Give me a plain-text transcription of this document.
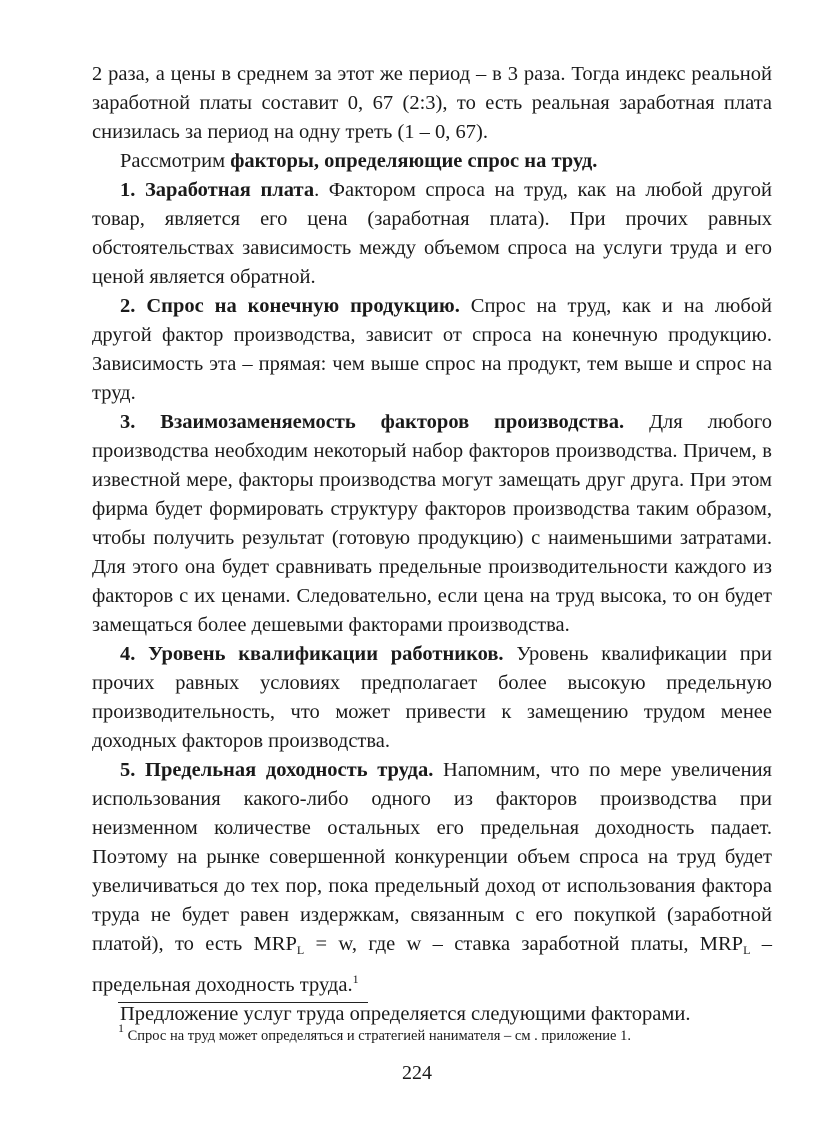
2 раза, а цены в среднем за этот же период – в 3 раза. Тогда индекс реальной заработной платы составит 0, 67 (2:3), то есть реальная заработная плата снизилась за период на одну треть (1 – 0, 67).

Рассмотрим факторы, определяющие спрос на труд.

1. Заработная плата. Фактором спроса на труд, как на любой другой товар, является его цена (заработная плата). При прочих равных обстоятельствах зависимость между объемом спроса на услуги труда и его ценой является обратной.

2. Спрос на конечную продукцию. Спрос на труд, как и на любой другой фактор производства, зависит от спроса на конечную продукцию. Зависимость эта – прямая: чем выше спрос на продукт, тем выше и спрос на труд.

3. Взаимозаменяемость факторов производства. Для любого производства необходим некоторый набор факторов производства. Причем, в известной мере, факторы производства могут замещать друг друга. При этом фирма будет формировать структуру факторов производства таким образом, чтобы получить результат (готовую продукцию) с наименьшими затратами. Для этого она будет сравнивать предельные производительности каждого из факторов с их ценами. Следовательно, если цена на труд высока, то он будет замещаться более дешевыми факторами производства.

4. Уровень квалификации работников. Уровень квалификации при прочих равных условиях предполагает более высокую предельную производительность, что может привести к замещению трудом менее доходных факторов производства.

5. Предельная доходность труда. Напомним, что по мере увеличения использования какого-либо одного из факторов производства при неизменном количестве остальных его предельная доходность падает. Поэтому на рынке совершенной конкуренции объем спроса на труд будет увеличиваться до тех пор, пока предельный доход от использования фактора труда не будет равен издержкам, связанным с его покупкой (заработной платой), то есть $MRP_L = w$, где w – ставка заработной платы, $MRP_L$ – предельная доходность труда.$^1$

Предложение услуг труда определяется следующими факторами.

$^1$ Спрос на труд может определяться и стратегией нанимателя – см . приложение 1.
224
